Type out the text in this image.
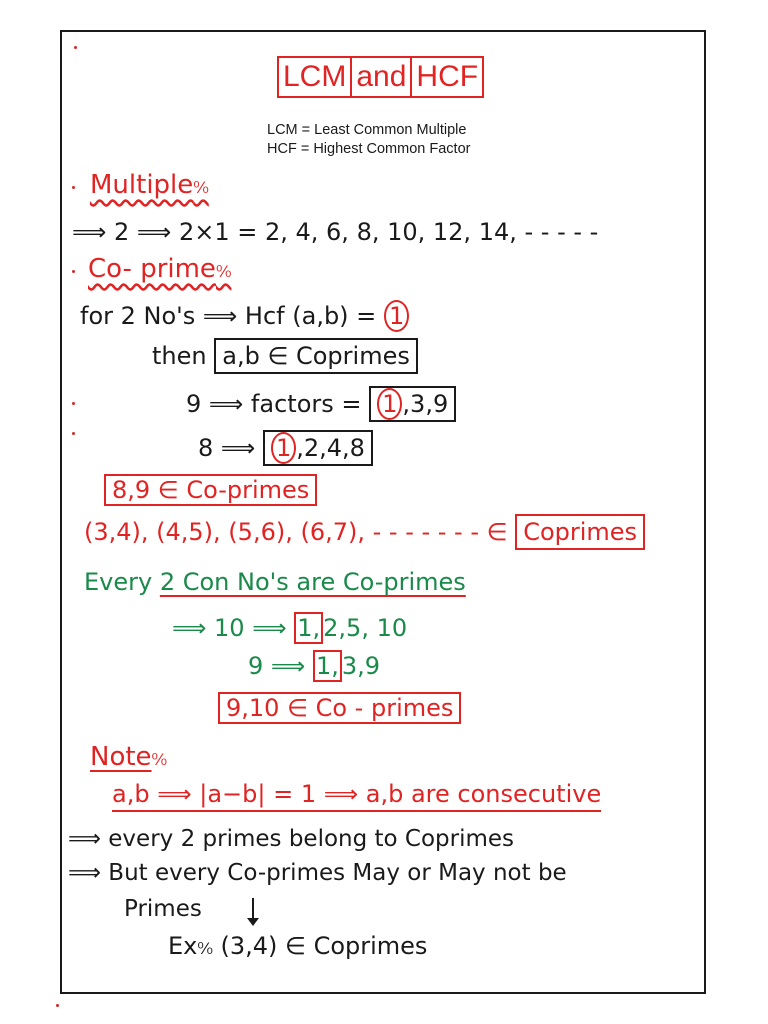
LCM and HCF
LCM = Least Common Multiple
HCF = Highest Common Factor
Multiple⁰⁄₀
⟹ 2 ⟹ 2×1 = 2, 4, 6, 8, 10, 12, 14, - - - - -
Co- prime⁰⁄₀
for 2 No's ⟹ Hcf (a,b) = 1
then a,b ∈ Coprimes
9 ⟹ factors = 1 ,3,9
8 ⟹ 1 ,2,4,8
8,9 ∈ Co-primes
(3,4), (4,5), (5,6), (6,7), - - - - - - - ∈ Coprimes
Every 2 Con No's are Co-primes
⟹ 10 ⟹ 1, 2,5, 10
9 ⟹ 1, 3,9
9,10 ∈ Co - primes
Note⁰⁄₀
a,b ⟹ |a−b| = 1 ⟹ a,b are consecutive
⟹ every 2 primes belong to Coprimes
⟹ But every Co-primes May or May not be
Primes
Ex⁰⁄₀ (3,4) ∈ Coprimes
